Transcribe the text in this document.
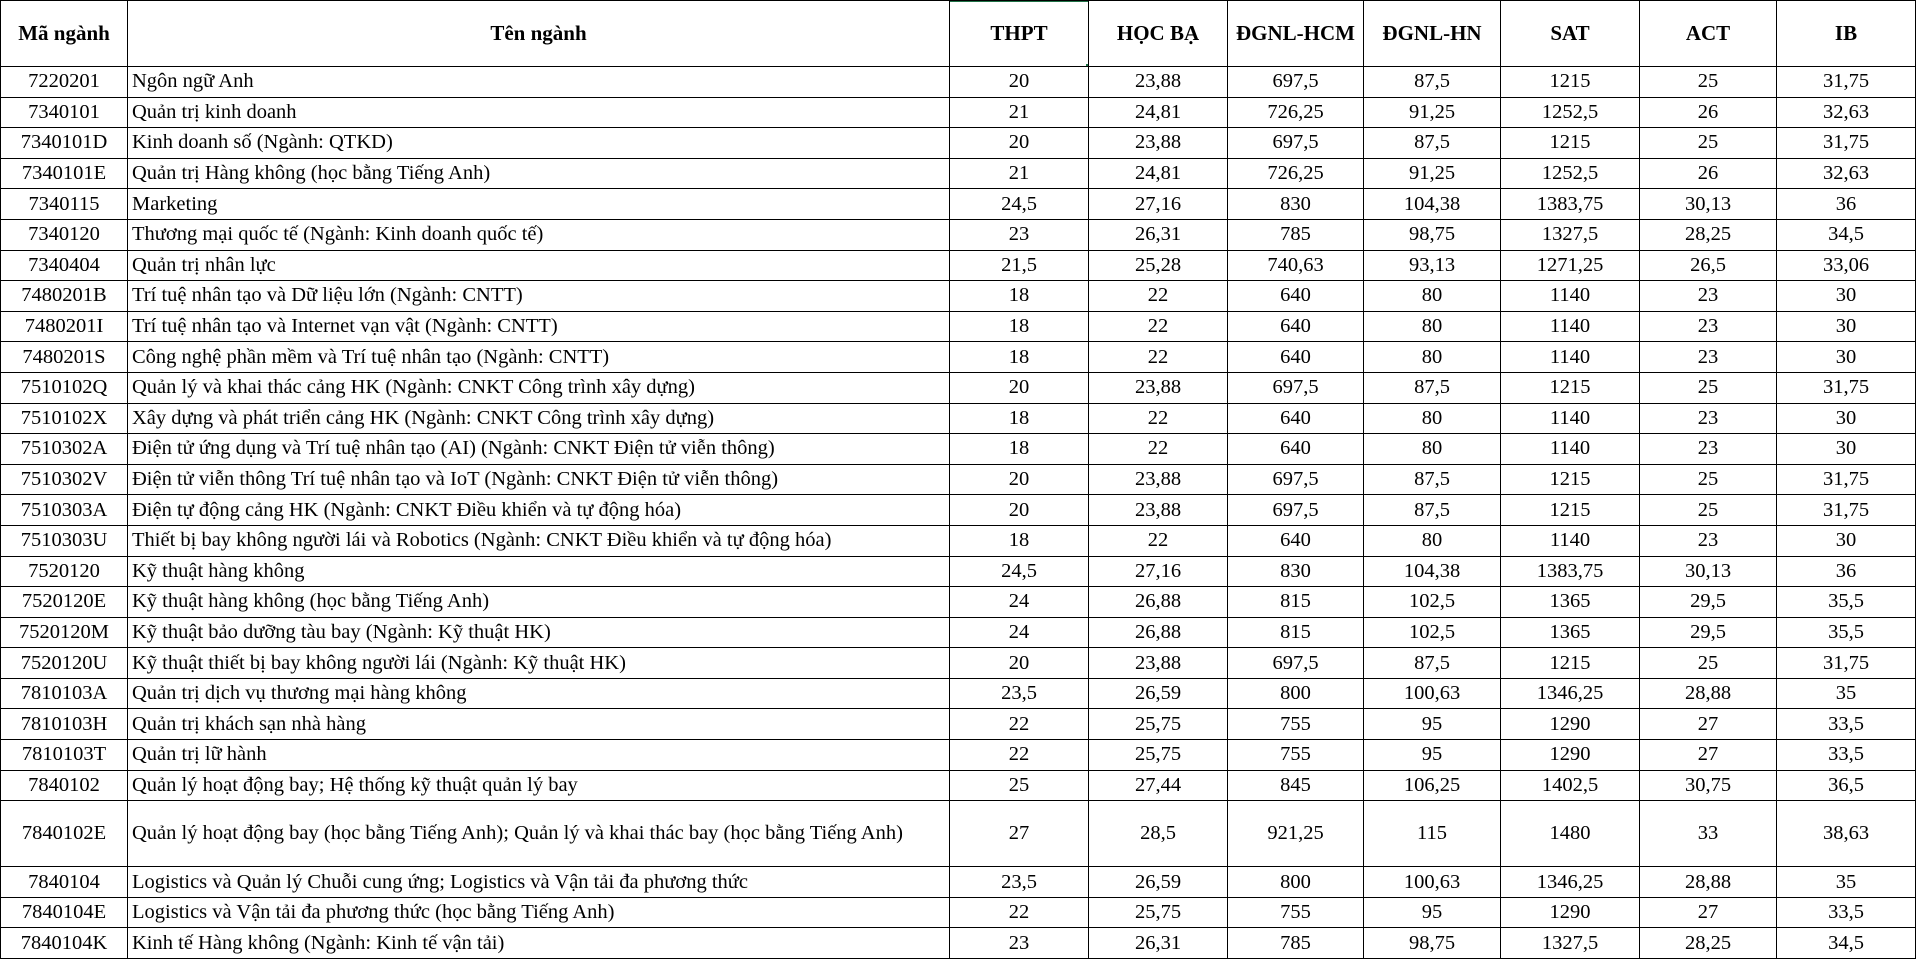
Mã ngành	Tên ngành	THPT	HỌC BẠ	ĐGNL-HCM	ĐGNL-HN	SAT	ACT	IB
7220201	Ngôn ngữ Anh	20	23,88	697,5	87,5	1215	25	31,75
7340101	Quản trị kinh doanh	21	24,81	726,25	91,25	1252,5	26	32,63
7340101D	Kinh doanh số (Ngành: QTKD)	20	23,88	697,5	87,5	1215	25	31,75
7340101E	Quản trị Hàng không (học bằng Tiếng Anh)	21	24,81	726,25	91,25	1252,5	26	32,63
7340115	Marketing	24,5	27,16	830	104,38	1383,75	30,13	36
7340120	Thương mại quốc tế (Ngành: Kinh doanh quốc tế)	23	26,31	785	98,75	1327,5	28,25	34,5
7340404	Quản trị nhân lực	21,5	25,28	740,63	93,13	1271,25	26,5	33,06
7480201B	Trí tuệ nhân tạo và Dữ liệu lớn (Ngành: CNTT)	18	22	640	80	1140	23	30
7480201I	Trí tuệ nhân tạo và Internet vạn vật (Ngành: CNTT)	18	22	640	80	1140	23	30
7480201S	Công nghệ phần mềm và Trí tuệ nhân tạo (Ngành: CNTT)	18	22	640	80	1140	23	30
7510102Q	Quản lý và khai thác cảng HK (Ngành: CNKT Công trình xây dựng)	20	23,88	697,5	87,5	1215	25	31,75
7510102X	Xây dựng và phát triển cảng HK (Ngành: CNKT Công trình xây dựng)	18	22	640	80	1140	23	30
7510302A	Điện tử ứng dụng và Trí tuệ nhân tạo (AI) (Ngành: CNKT Điện tử viễn thông)	18	22	640	80	1140	23	30
7510302V	Điện tử viễn thông Trí tuệ nhân tạo và IoT (Ngành: CNKT Điện tử viễn thông)	20	23,88	697,5	87,5	1215	25	31,75
7510303A	Điện tự động cảng HK (Ngành: CNKT Điều khiển và tự động hóa)	20	23,88	697,5	87,5	1215	25	31,75
7510303U	Thiết bị bay không người lái và Robotics (Ngành: CNKT Điều khiển và tự động hóa)	18	22	640	80	1140	23	30
7520120	Kỹ thuật hàng không	24,5	27,16	830	104,38	1383,75	30,13	36
7520120E	Kỹ thuật hàng không (học bằng Tiếng Anh)	24	26,88	815	102,5	1365	29,5	35,5
7520120M	Kỹ thuật bảo dưỡng tàu bay (Ngành: Kỹ thuật HK)	24	26,88	815	102,5	1365	29,5	35,5
7520120U	Kỹ thuật thiết bị bay không người lái (Ngành: Kỹ thuật HK)	20	23,88	697,5	87,5	1215	25	31,75
7810103A	Quản trị dịch vụ thương mại hàng không	23,5	26,59	800	100,63	1346,25	28,88	35
7810103H	Quản trị khách sạn nhà hàng	22	25,75	755	95	1290	27	33,5
7810103T	Quản trị lữ hành	22	25,75	755	95	1290	27	33,5
7840102	Quản lý hoạt động bay; Hệ thống kỹ thuật quản lý bay	25	27,44	845	106,25	1402,5	30,75	36,5
7840102E	Quản lý hoạt động bay (học bằng Tiếng Anh); Quản lý và khai thác bay (học bằng Tiếng Anh)	27	28,5	921,25	115	1480	33	38,63
7840104	Logistics và Quản lý Chuỗi cung ứng; Logistics và Vận tải đa phương thức	23,5	26,59	800	100,63	1346,25	28,88	35
7840104E	Logistics và Vận tải đa phương thức (học bằng Tiếng Anh)	22	25,75	755	95	1290	27	33,5
7840104K	Kinh tế Hàng không (Ngành: Kinh tế vận tải)	23	26,31	785	98,75	1327,5	28,25	34,5
